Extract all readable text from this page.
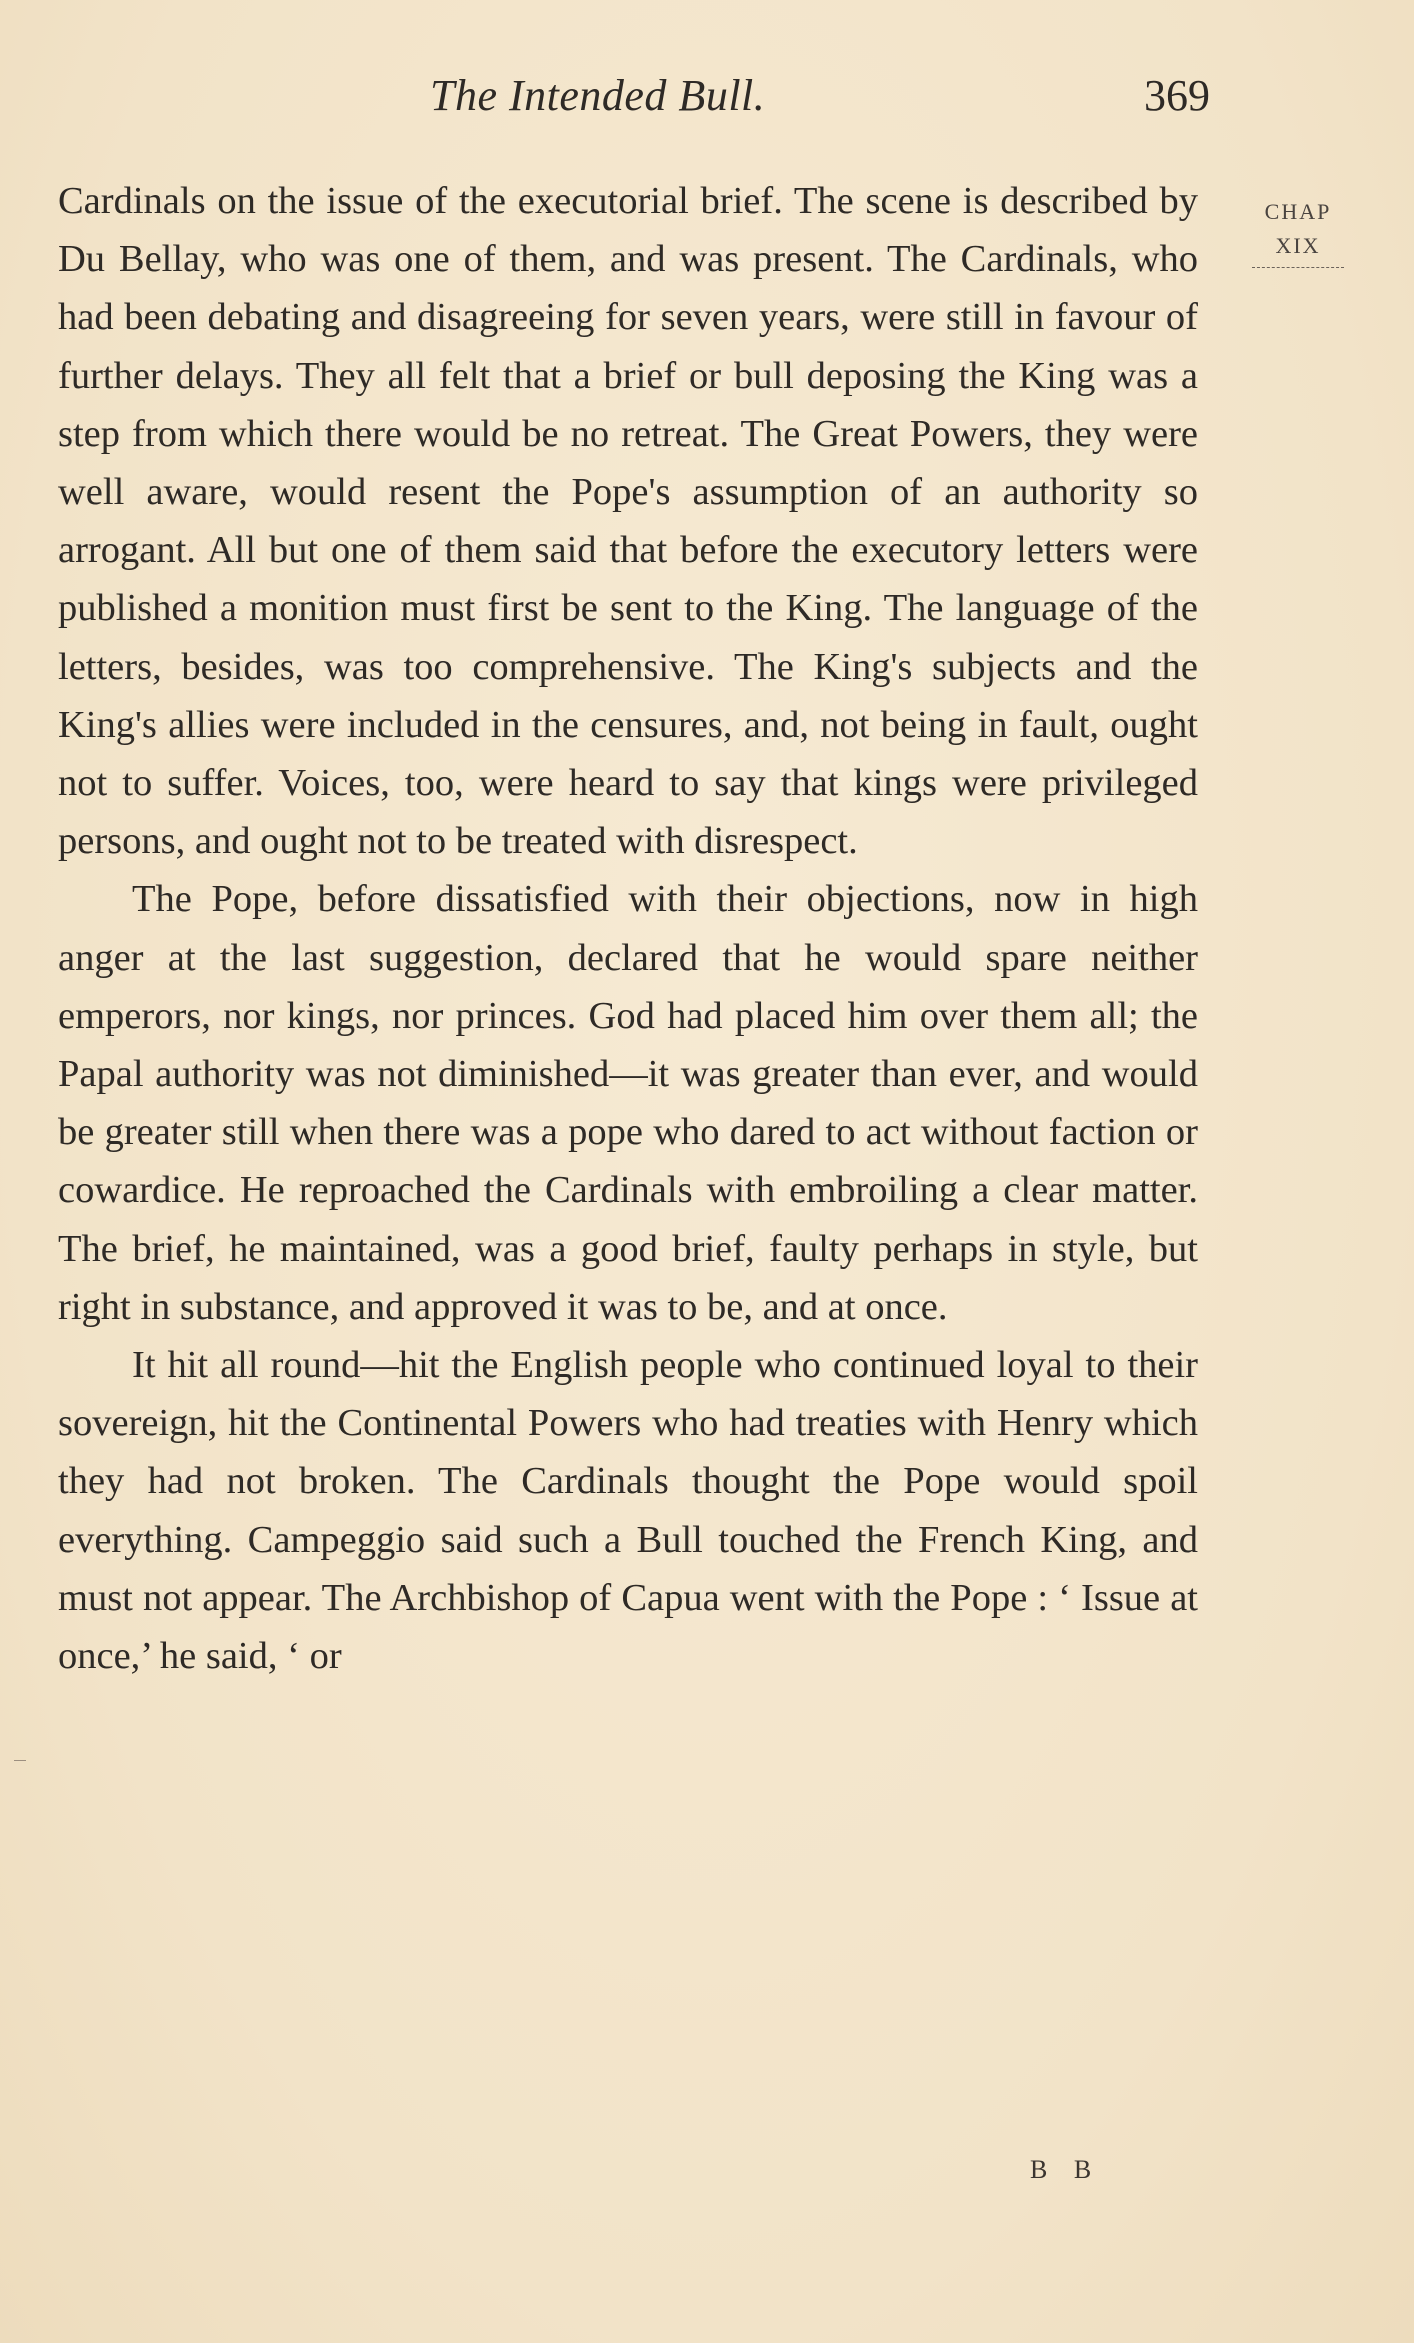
The Intended Bull.	369
CHAP
XIX

Cardinals on the issue of the executorial brief. The scene is described by Du Bellay, who was one of them, and was present. The Cardinals, who had been debating and disagreeing for seven years, were still in favour of further delays. They all felt that a brief or bull deposing the King was a step from which there would be no retreat. The Great Powers, they were well aware, would resent the Pope's assumption of an authority so arrogant. All but one of them said that before the executory letters were published a monition must first be sent to the King. The language of the letters, besides, was too comprehensive. The King's subjects and the King's allies were included in the censures, and, not being in fault, ought not to suffer. Voices, too, were heard to say that kings were privileged persons, and ought not to be treated with disrespect.

The Pope, before dissatisfied with their objections, now in high anger at the last suggestion, declared that he would spare neither emperors, nor kings, nor princes. God had placed him over them all; the Papal authority was not diminished—it was greater than ever, and would be greater still when there was a pope who dared to act without faction or cowardice. He reproached the Cardinals with embroiling a clear matter. The brief, he maintained, was a good brief, faulty perhaps in style, but right in substance, and approved it was to be, and at once.

It hit all round—hit the English people who continued loyal to their sovereign, hit the Continental Powers who had treaties with Henry which they had not broken. The Cardinals thought the Pope would spoil everything. Campeggio said such a Bull touched the French King, and must not appear. The Archbishop of Capua went with the Pope : ‘ Issue at once,’ he said, ‘ or

B B
